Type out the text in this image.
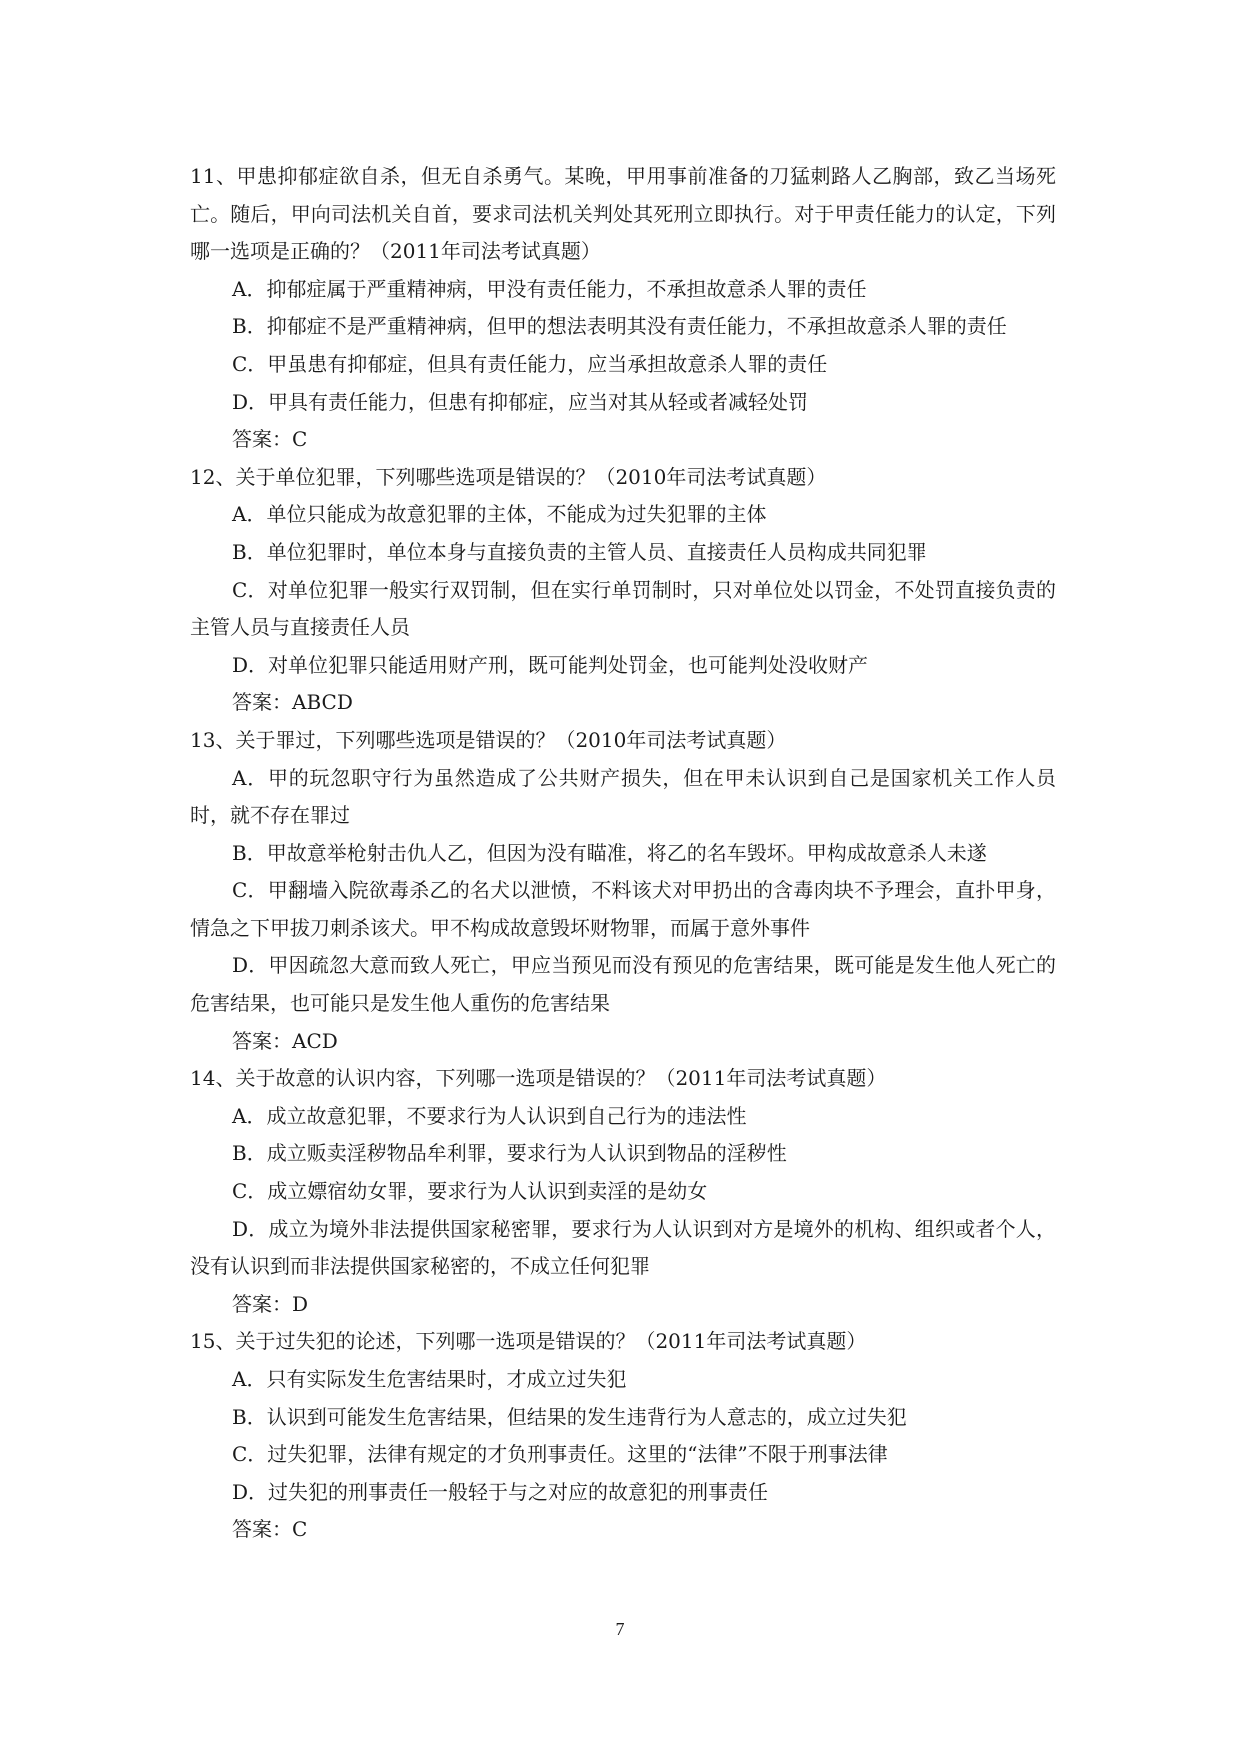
11、甲患抑郁症欲自杀，但无自杀勇气。某晚，甲用事前准备的刀猛刺路人乙胸部，致乙当场死亡。随后，甲向司法机关自首，要求司法机关判处其死刑立即执行。对于甲责任能力的认定，下列哪一选项是正确的？（2011年司法考试真题）

A．抑郁症属于严重精神病，甲没有责任能力，不承担故意杀人罪的责任

B．抑郁症不是严重精神病，但甲的想法表明其没有责任能力，不承担故意杀人罪的责任

C．甲虽患有抑郁症，但具有责任能力，应当承担故意杀人罪的责任

D．甲具有责任能力，但患有抑郁症，应当对其从轻或者减轻处罚

答案：C

12、关于单位犯罪，下列哪些选项是错误的？（2010年司法考试真题）

A．单位只能成为故意犯罪的主体，不能成为过失犯罪的主体

B．单位犯罪时，单位本身与直接负责的主管人员、直接责任人员构成共同犯罪

C．对单位犯罪一般实行双罚制，但在实行单罚制时，只对单位处以罚金，不处罚直接负责的主管人员与直接责任人员

D．对单位犯罪只能适用财产刑，既可能判处罚金，也可能判处没收财产

答案：ABCD

13、关于罪过，下列哪些选项是错误的？（2010年司法考试真题）

A．甲的玩忽职守行为虽然造成了公共财产损失，但在甲未认识到自己是国家机关工作人员时，就不存在罪过

B．甲故意举枪射击仇人乙，但因为没有瞄准，将乙的名车毁坏。甲构成故意杀人未遂

C．甲翻墙入院欲毒杀乙的名犬以泄愤，不料该犬对甲扔出的含毒肉块不予理会，直扑甲身，情急之下甲拔刀刺杀该犬。甲不构成故意毁坏财物罪，而属于意外事件

D．甲因疏忽大意而致人死亡，甲应当预见而没有预见的危害结果，既可能是发生他人死亡的危害结果，也可能只是发生他人重伤的危害结果

答案：ACD

14、关于故意的认识内容，下列哪一选项是错误的？（2011年司法考试真题）

A．成立故意犯罪，不要求行为人认识到自己行为的违法性

B．成立贩卖淫秽物品牟利罪，要求行为人认识到物品的淫秽性

C．成立嫖宿幼女罪，要求行为人认识到卖淫的是幼女

D．成立为境外非法提供国家秘密罪，要求行为人认识到对方是境外的机构、组织或者个人，没有认识到而非法提供国家秘密的，不成立任何犯罪

答案：D

15、关于过失犯的论述，下列哪一选项是错误的？（2011年司法考试真题）

A．只有实际发生危害结果时，才成立过失犯

B．认识到可能发生危害结果，但结果的发生违背行为人意志的，成立过失犯

C．过失犯罪，法律有规定的才负刑事责任。这里的“法律”不限于刑事法律

D．过失犯的刑事责任一般轻于与之对应的故意犯的刑事责任

答案：C

7
